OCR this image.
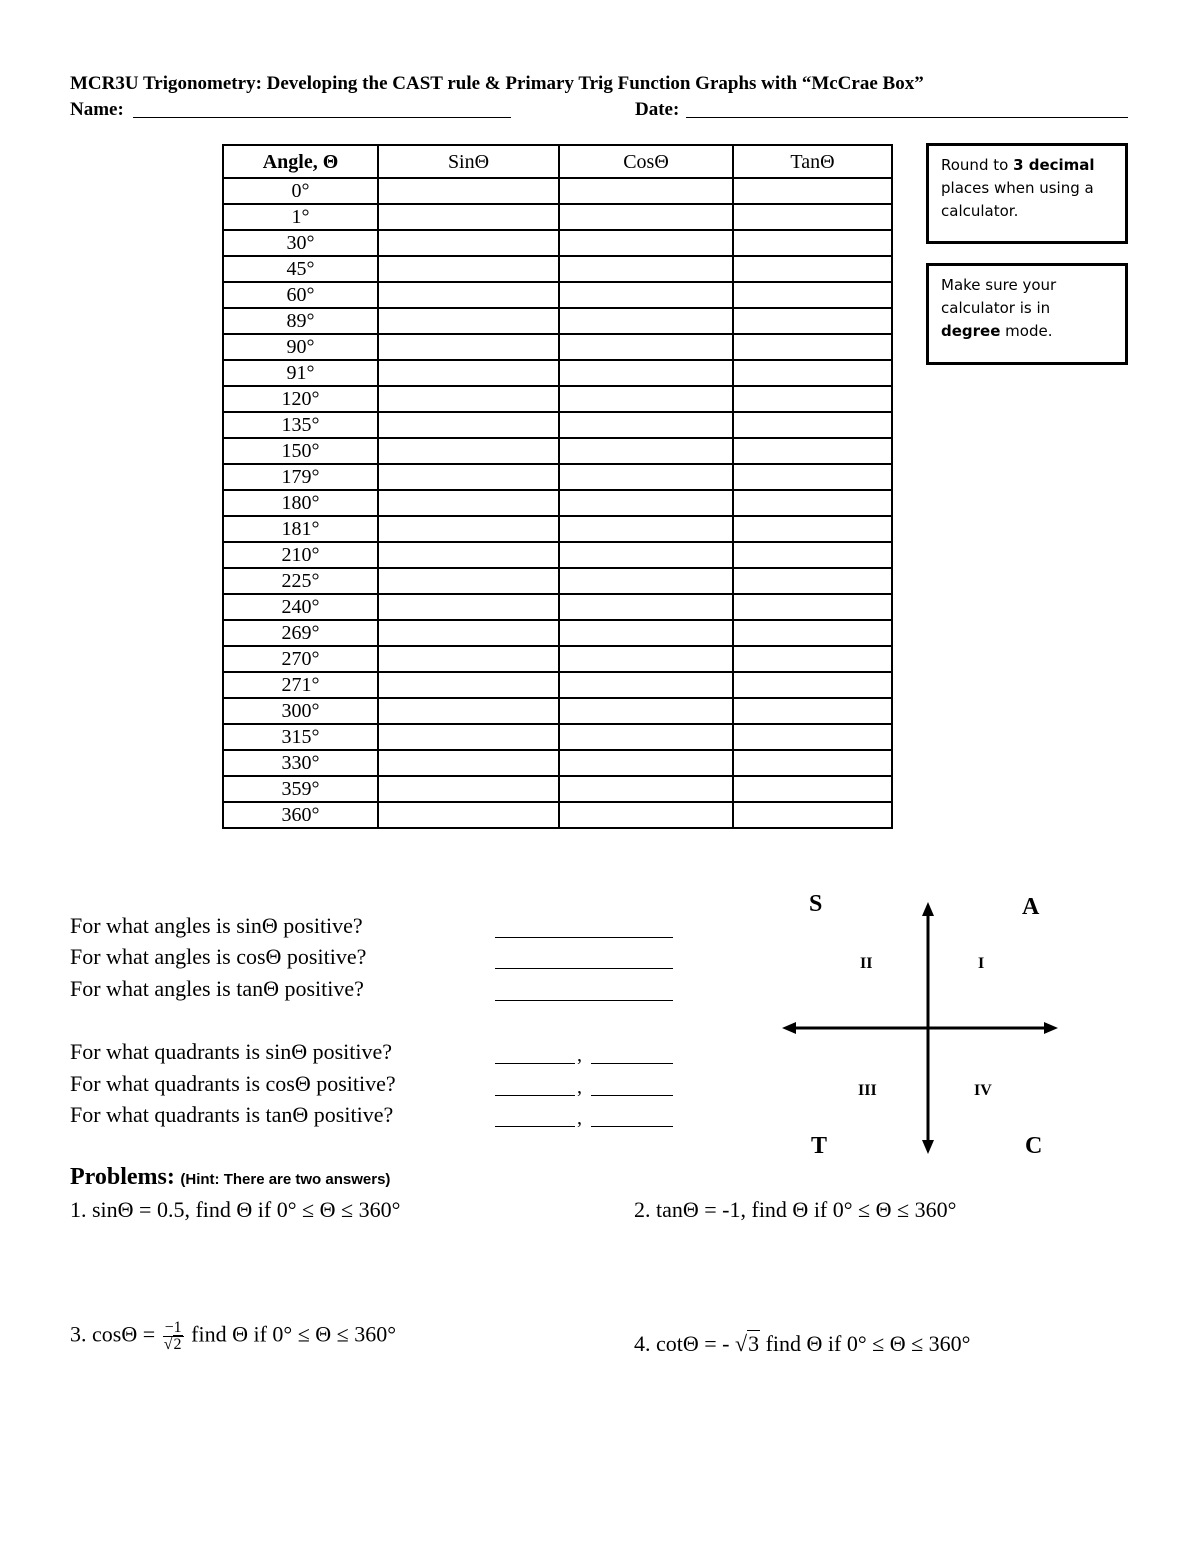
MCR3U Trigonometry: Developing the CAST rule & Primary Trig Function Graphs with “McCrae Box”
Name:	Date:
Angle, Θ	SinΘ	CosΘ	TanΘ
0°			
1°			
30°			
45°			
60°			
89°			
90°			
91°			
120°			
135°			
150°			
179°			
180°			
181°			
210°			
225°			
240°			
269°			
270°			
271°			
300°			
315°			
330°			
359°			
360°			
Round to 3 decimal places when using a calculator.
Make sure your calculator is in degree mode.
For what angles is sinΘ positive?
For what angles is cosΘ positive?
For what angles is tanΘ positive?
For what quadrants is sinΘ positive?	,
For what quadrants is cosΘ positive?	,
For what quadrants is tanΘ positive?	,
S	A
T	C
II	I
III	IV
Problems: (Hint: There are two answers)
1. sinΘ = 0.5, find Θ if 0° ≤ Θ ≤ 360°	2. tanΘ = -1, find Θ if 0° ≤ Θ ≤ 360°
3. $\cos\Theta = \frac{-1}{√2}$ find Θ if 0° ≤ Θ ≤ 360°	4. cotΘ = - √3 find Θ if 0° ≤ Θ ≤ 360°
